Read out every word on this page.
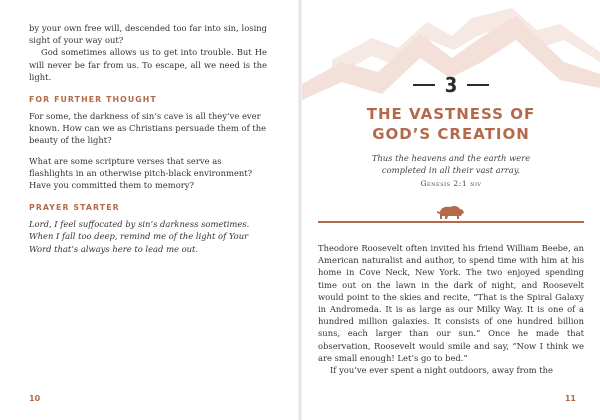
by your own free will, descended too far into sin, losing sight of your way out?

God sometimes allows us to get into trouble. But He will never be far from us. To escape, all we need is the light.

FOR FURTHER THOUGHT

For some, the darkness of sin’s cave is all they’ve ever known. How can we as Christians persuade them of the beauty of the light?

What are some scripture verses that serve as flashlights in an otherwise pitch-black environment? Have you committed them to memory?

PRAYER STARTER

Lord, I feel suffocated by sin’s darkness sometimes. When I fall too deep, remind me of the light of Your Word that’s always here to lead me out.

10
3
THE VASTNESS OF
GOD’S CREATION
Thus the heavens and the earth were
completed in all their vast array.
Genesis 2:1 niv

Theodore Roosevelt often invited his friend William Beebe, an American naturalist and author, to spend time with him at his home in Cove Neck, New York. The two enjoyed spending time out on the lawn in the dark of night, and Roosevelt would point to the skies and recite, “That is the Spiral Galaxy in Andromeda. It is as large as our Milky Way. It is one of a hundred million galaxies. It consists of one hundred billion suns, each larger than our sun.” Once he made that observation, Roosevelt would smile and say, “Now I think we are small enough! Let’s go to bed.”

If you’ve ever spent a night outdoors, away from the

11
